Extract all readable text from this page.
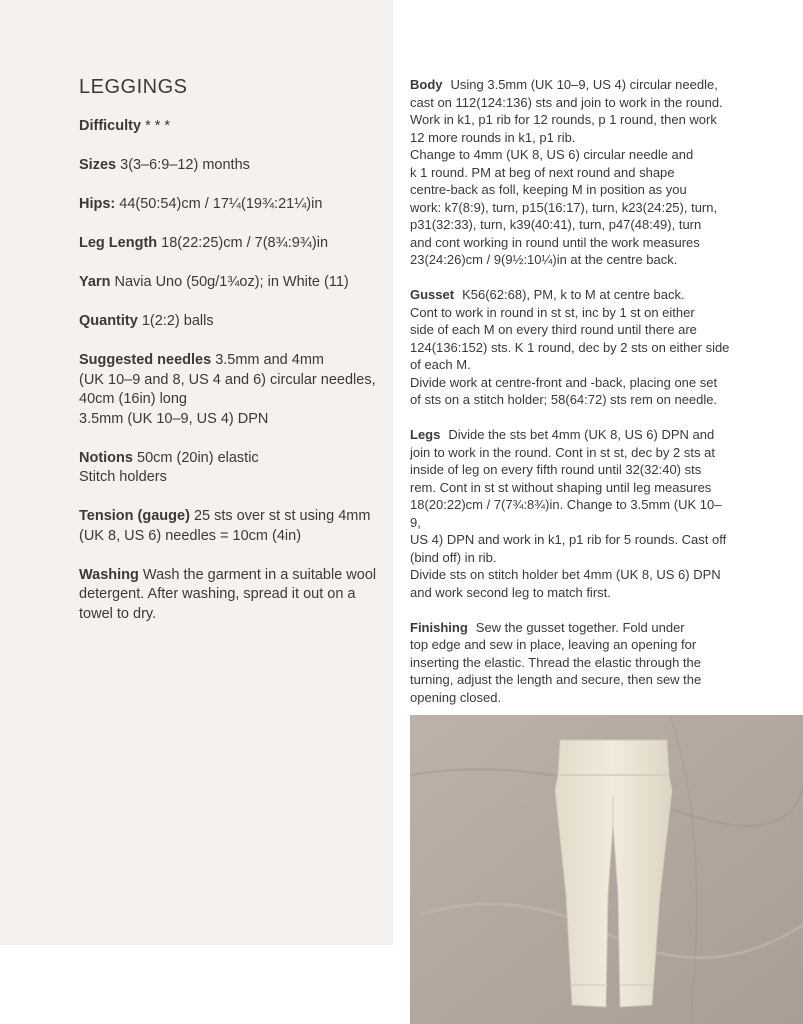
LEGGINGS
Difficulty * * *
Sizes 3(3–6:9–12) months
Hips: 44(50:54)cm / 17¼(19¾:21¼)in
Leg Length 18(22:25)cm / 7(8¾:9¾)in
Yarn Navia Uno (50g/1¾oz); in White (11)
Quantity 1(2:2) balls
Suggested needles 3.5mm and 4mm
(UK 10–9 and 8, US 4 and 6) circular needles,
40cm (16in) long
3.5mm (UK 10–9, US 4) DPN
Notions 50cm (20in) elastic
Stitch holders
Tension (gauge) 25 sts over st st using 4mm
(UK 8, US 6) needles = 10cm (4in)
Washing Wash the garment in a suitable wool
detergent. After washing, spread it out on a
towel to dry.
Body Using 3.5mm (UK 10–9, US 4) circular needle,
cast on 112(124:136) sts and join to work in the round.
Work in k1, p1 rib for 12 rounds, p 1 round, then work
12 more rounds in k1, p1 rib.
Change to 4mm (UK 8, US 6) circular needle and
k 1 round. PM at beg of next round and shape
centre-back as foll, keeping M in position as you
work: k7(8:9), turn, p15(16:17), turn, k23(24:25), turn,
p31(32:33), turn, k39(40:41), turn, p47(48:49), turn
and cont working in round until the work measures
23(24:26)cm / 9(9½:10¼)in at the centre back.
Gusset K56(62:68), PM, k to M at centre back.
Cont to work in round in st st, inc by 1 st on either
side of each M on every third round until there are
124(136:152) sts. K 1 round, dec by 2 sts on either side
of each M.
Divide work at centre-front and -back, placing one set
of sts on a stitch holder; 58(64:72) sts rem on needle.
Legs Divide the sts bet 4mm (UK 8, US 6) DPN and
join to work in the round. Cont in st st, dec by 2 sts at
inside of leg on every fifth round until 32(32:40) sts
rem. Cont in st st without shaping until leg measures
18(20:22)cm / 7(7¾:8¾)in. Change to 3.5mm (UK 10–9,
US 4) DPN and work in k1, p1 rib for 5 rounds. Cast off
(bind off) in rib.
Divide sts on stitch holder bet 4mm (UK 8, US 6) DPN
and work second leg to match first.
Finishing Sew the gusset together. Fold under
top edge and sew in place, leaving an opening for
inserting the elastic. Thread the elastic through the
turning, adjust the length and secure, then sew the
opening closed.
